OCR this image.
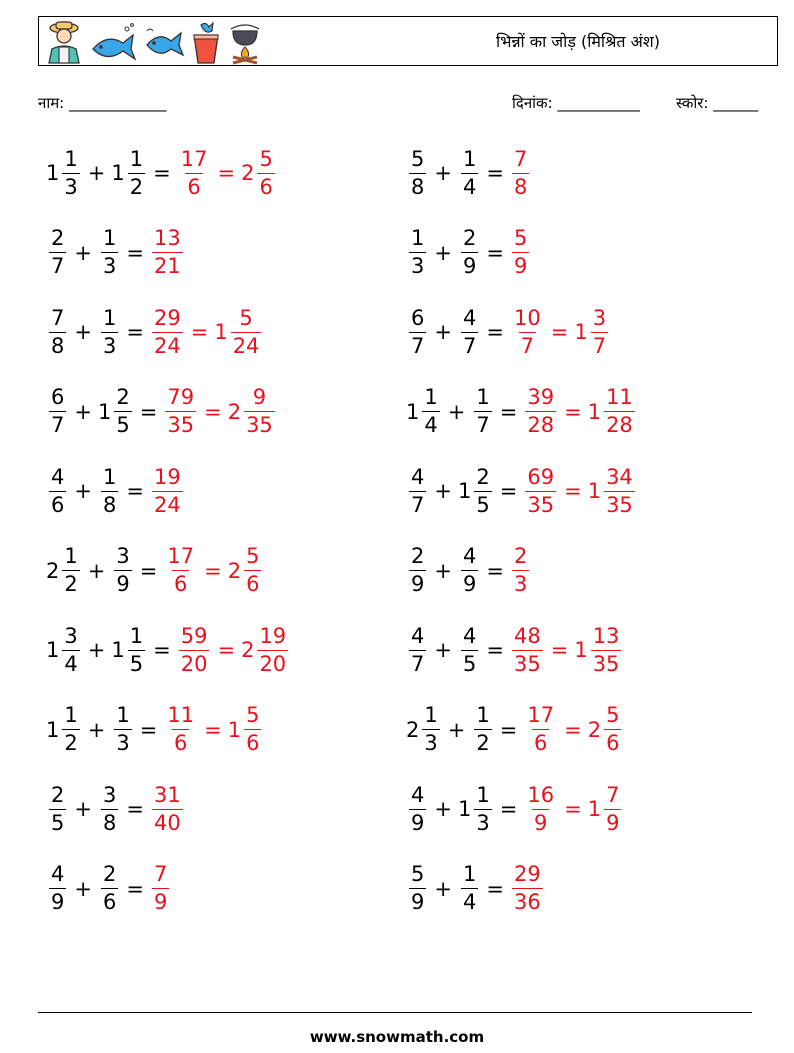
भिन्नों का जोड़ (मिश्रित अंश)
नाम: _____________	दिनांक: ___________ स्कोर: ______
$1 \frac{1}{3} + 1 \frac{1}{2} = \frac{17}{6} = 2 \frac{5}{6}$	$\frac{5}{8} + \frac{1}{4} = \frac{7}{8}$
$\frac{2}{7} + \frac{1}{3} = \frac{13}{21}$	$\frac{1}{3} + \frac{2}{9} = \frac{5}{9}$
$\frac{7}{8} + \frac{1}{3} = \frac{29}{24} = 1 \frac{5}{24}$	$\frac{6}{7} + \frac{4}{7} = \frac{10}{7} = 1 \frac{3}{7}$
$\frac{6}{7} + 1 \frac{2}{5} = \frac{79}{35} = 2 \frac{9}{35}$	$1 \frac{1}{4} + \frac{1}{7} = \frac{39}{28} = 1 \frac{11}{28}$
$\frac{4}{6} + \frac{1}{8} = \frac{19}{24}$	$\frac{4}{7} + 1 \frac{2}{5} = \frac{69}{35} = 1 \frac{34}{35}$
$2 \frac{1}{2} + \frac{3}{9} = \frac{17}{6} = 2 \frac{5}{6}$	$\frac{2}{9} + \frac{4}{9} = \frac{2}{3}$
$1 \frac{3}{4} + 1 \frac{1}{5} = \frac{59}{20} = 2 \frac{19}{20}$	$\frac{4}{7} + \frac{4}{5} = \frac{48}{35} = 1 \frac{13}{35}$
$1 \frac{1}{2} + \frac{1}{3} = \frac{11}{6} = 1 \frac{5}{6}$	$2 \frac{1}{3} + \frac{1}{2} = \frac{17}{6} = 2 \frac{5}{6}$
$\frac{2}{5} + \frac{3}{8} = \frac{31}{40}$	$\frac{4}{9} + 1 \frac{1}{3} = \frac{16}{9} = 1 \frac{7}{9}$
$\frac{4}{9} + \frac{2}{6} = \frac{7}{9}$	$\frac{5}{9} + \frac{1}{4} = \frac{29}{36}$
www.snowmath.com
